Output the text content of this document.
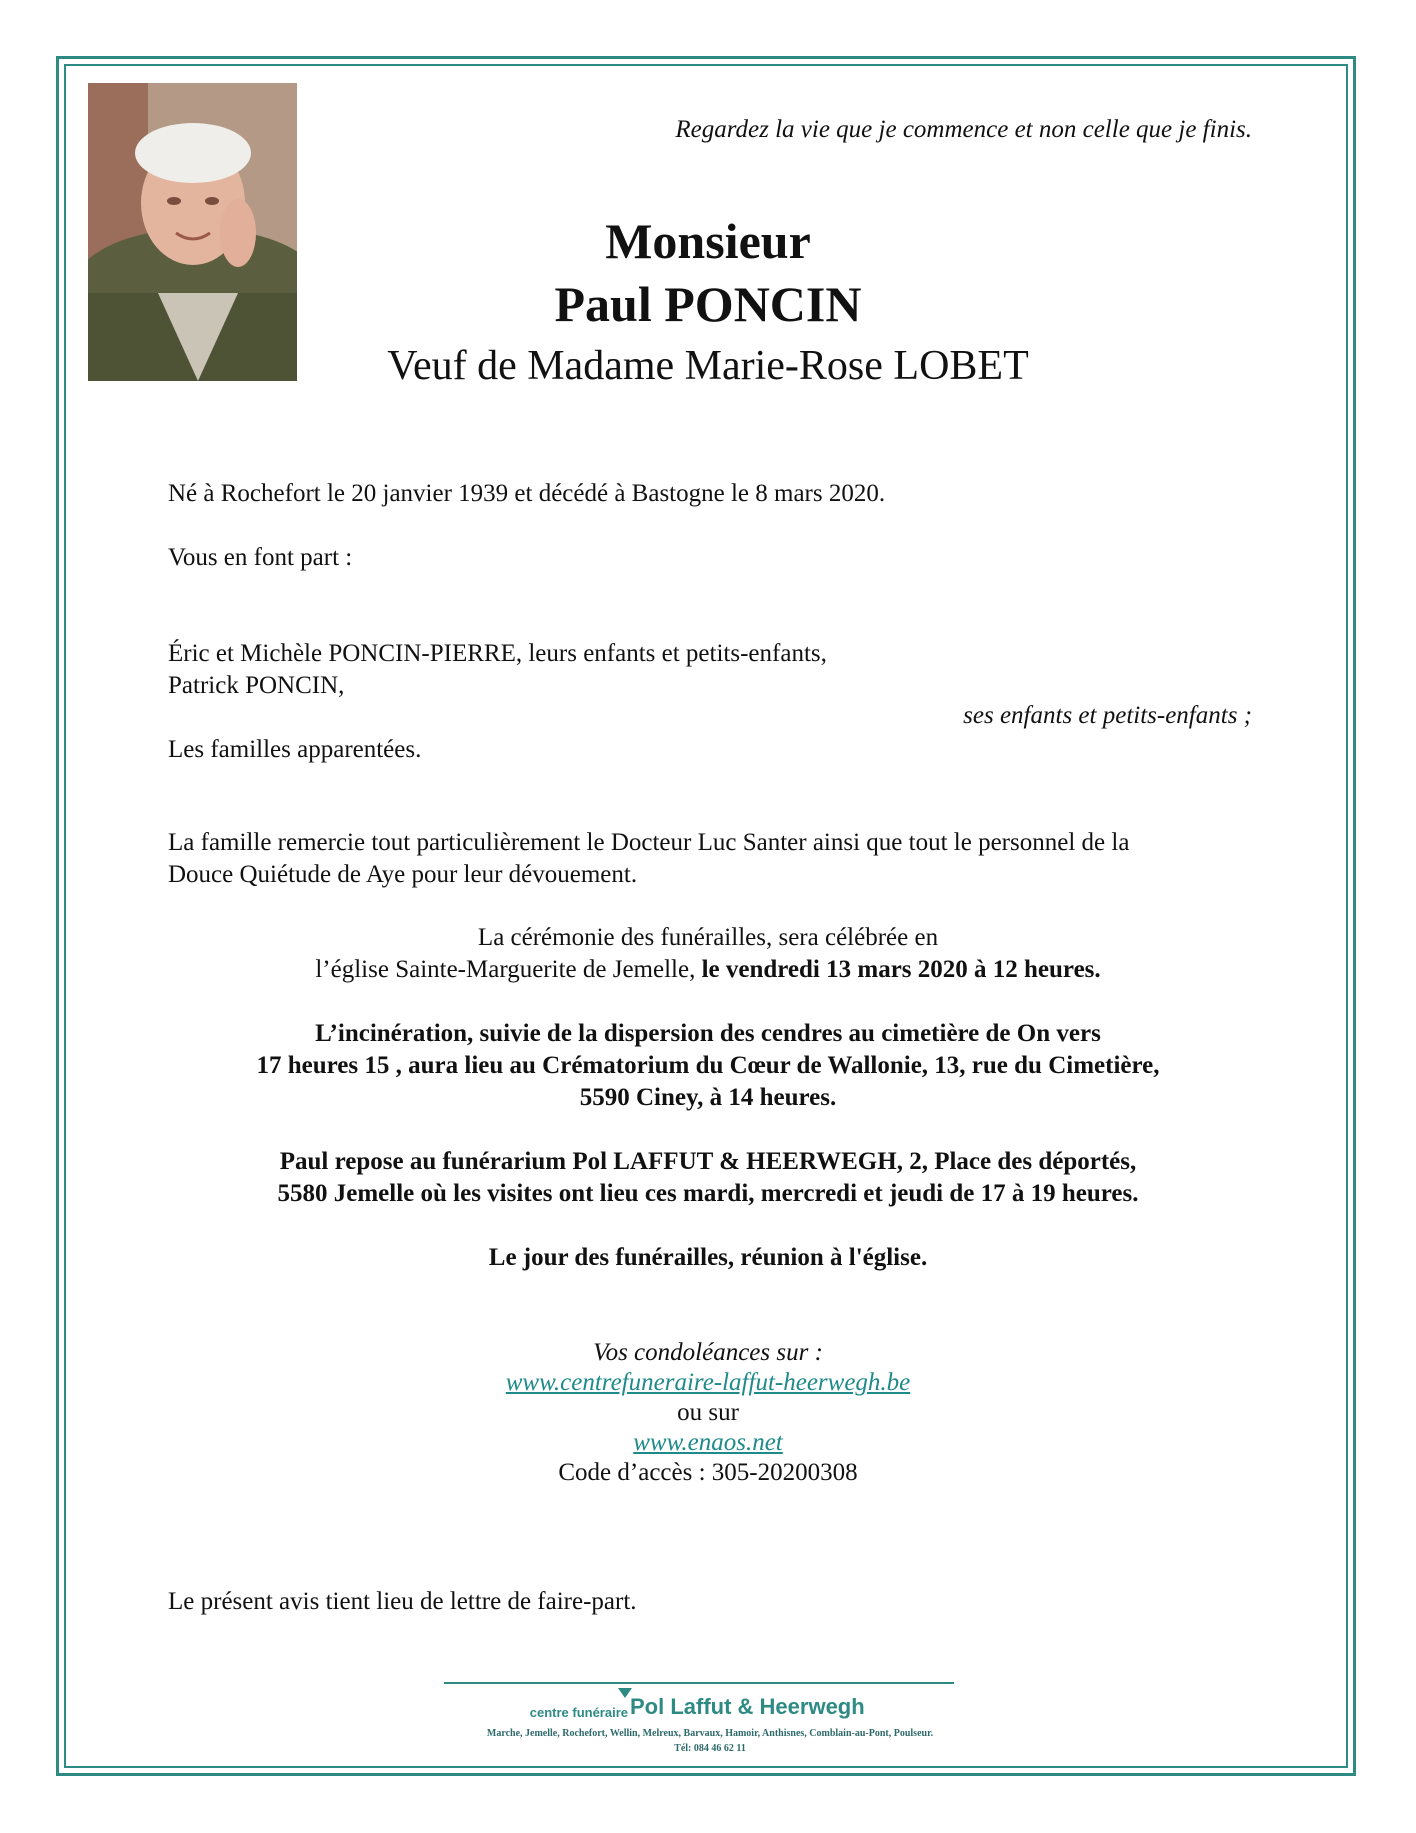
Regardez la vie que je commence et non celle que je finis.
Monsieur
Paul PONCIN
Veuf de Madame Marie-Rose LOBET
Né à Rochefort le 20 janvier 1939 et décédé à Bastogne le 8 mars 2020.
Vous en font part :
Éric et Michèle PONCIN-PIERRE, leurs enfants et petits-enfants,
Patrick PONCIN,
ses enfants et petits-enfants ;
Les familles apparentées.
La famille remercie tout particulièrement le Docteur Luc Santer ainsi que tout le personnel de la
Douce Quiétude de Aye pour leur dévouement.
La cérémonie des funérailles, sera célébrée en
l’église Sainte-Marguerite de Jemelle, le vendredi 13 mars 2020 à 12 heures.
L’incinération, suivie de la dispersion des cendres au cimetière de On vers
17 heures 15 , aura lieu au Crématorium du Cœur de Wallonie, 13, rue du Cimetière,
5590 Ciney, à 14 heures.
Paul repose au funérarium Pol LAFFUT & HEERWEGH, 2, Place des déportés,
5580 Jemelle où les visites ont lieu ces mardi, mercredi et jeudi de 17 à 19 heures.
Le jour des funérailles, réunion à l'église.
Vos condoléances sur :
www.centrefuneraire-laffut-heerwegh.be
ou sur
www.enaos.net
Code d’accès : 305-20200308
Le présent avis tient lieu de lettre de faire-part.
centre funéraire Pol Laffut & Heerwegh
Marche, Jemelle, Rochefort, Wellin, Melreux, Barvaux, Hamoir, Anthisnes, Comblain-au-Pont, Poulseur.
Tél: 084 46 62 11
